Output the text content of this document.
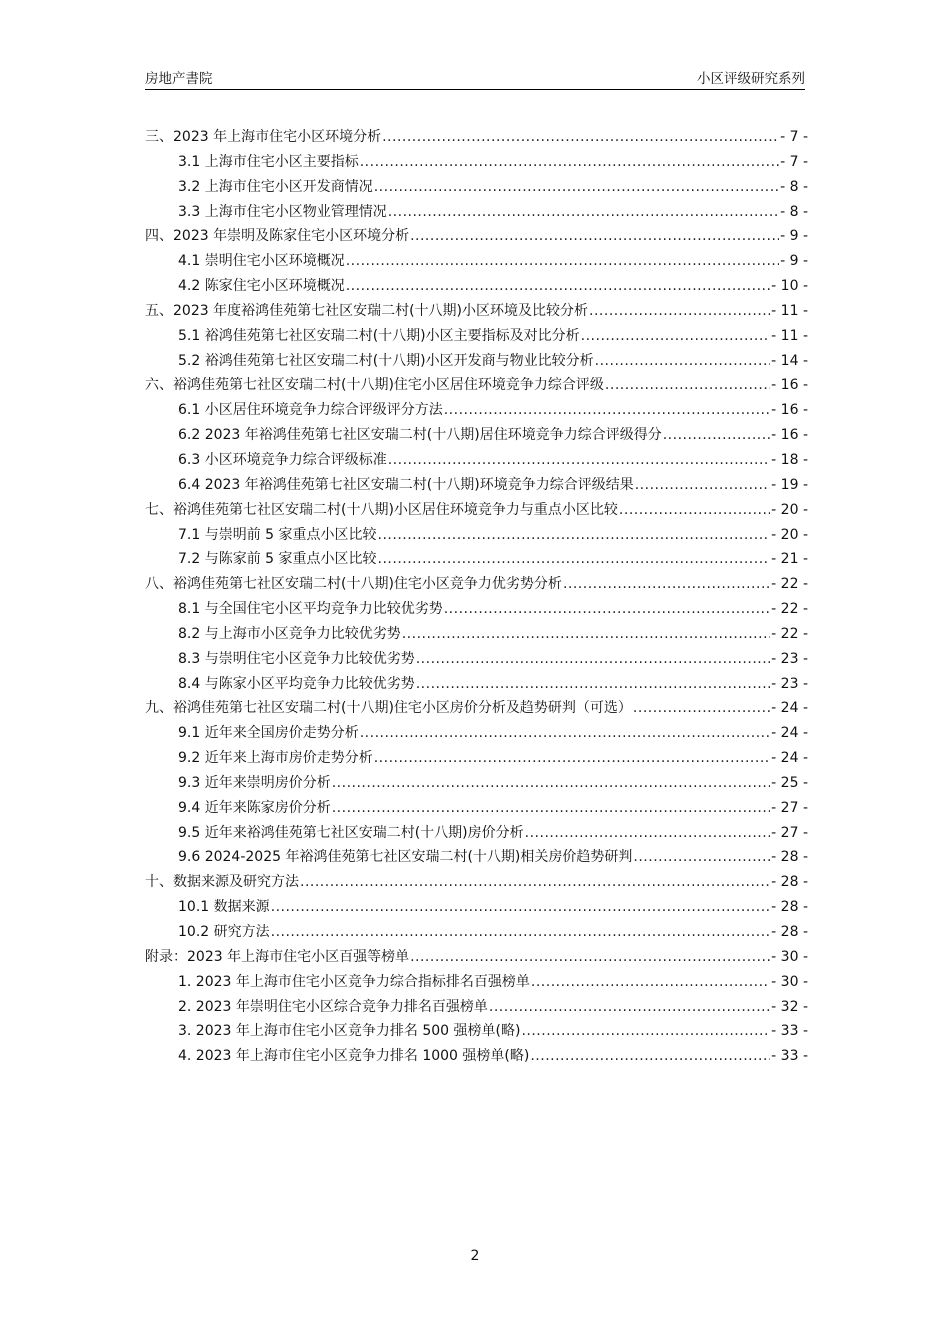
房地产書院	小区评级研究系列
三、2023 年上海市住宅小区环境分析 .....	- 7 -
3.1 上海市住宅小区主要指标 .....	- 7 -
3.2 上海市住宅小区开发商情况 .....	- 8 -
3.3 上海市住宅小区物业管理情况 .....	- 8 -
四、2023 年崇明及陈家住宅小区环境分析 .....	- 9 -
4.1 崇明住宅小区环境概况 .....	- 9 -
4.2 陈家住宅小区环境概况 .....	- 10 -
五、2023 年度裕鸿佳苑第七社区安瑞二村(十八期)小区环境及比较分析 .....	- 11 -
5.1 裕鸿佳苑第七社区安瑞二村(十八期)小区主要指标及对比分析 .....	- 11 -
5.2 裕鸿佳苑第七社区安瑞二村(十八期)小区开发商与物业比较分析 .....	- 14 -
六、裕鸿佳苑第七社区安瑞二村(十八期)住宅小区居住环境竞争力综合评级 .....	- 16 -
6.1 小区居住环境竞争力综合评级评分方法 .....	- 16 -
6.2 2023 年裕鸿佳苑第七社区安瑞二村(十八期)居住环境竞争力综合评级得分 .....	- 16 -
6.3 小区环境竞争力综合评级标准 .....	- 18 -
6.4 2023 年裕鸿佳苑第七社区安瑞二村(十八期)环境竞争力综合评级结果 .....	- 19 -
七、裕鸿佳苑第七社区安瑞二村(十八期)小区居住环境竞争力与重点小区比较 .....	- 20 -
7.1 与崇明前 5 家重点小区比较 .....	- 20 -
7.2 与陈家前 5 家重点小区比较 .....	- 21 -
八、裕鸿佳苑第七社区安瑞二村(十八期)住宅小区竞争力优劣势分析 .....	- 22 -
8.1 与全国住宅小区平均竞争力比较优劣势 .....	- 22 -
8.2 与上海市小区竞争力比较优劣势 .....	- 22 -
8.3 与崇明住宅小区竞争力比较优劣势 .....	- 23 -
8.4 与陈家小区平均竞争力比较优劣势 .....	- 23 -
九、裕鸿佳苑第七社区安瑞二村(十八期)住宅小区房价分析及趋势研判（可选） .....	- 24 -
9.1 近年来全国房价走势分析 .....	- 24 -
9.2 近年来上海市房价走势分析 .....	- 24 -
9.3 近年来崇明房价分析 .....	- 25 -
9.4 近年来陈家房价分析 .....	- 27 -
9.5 近年来裕鸿佳苑第七社区安瑞二村(十八期)房价分析 .....	- 27 -
9.6 2024-2025 年裕鸿佳苑第七社区安瑞二村(十八期)相关房价趋势研判 .....	- 28 -
十、数据来源及研究方法 .....	- 28 -
10.1 数据来源 .....	- 28 -
10.2 研究方法 .....	- 28 -
附录：2023 年上海市住宅小区百强等榜单 .....	- 30 -
1. 2023 年上海市住宅小区竞争力综合指标排名百强榜单 .....	- 30 -
2. 2023 年崇明住宅小区综合竞争力排名百强榜单 .....	- 32 -
3. 2023 年上海市住宅小区竞争力排名 500 强榜单(略) .....	- 33 -
4. 2023 年上海市住宅小区竞争力排名 1000 强榜单(略) .....	- 33 -
2
